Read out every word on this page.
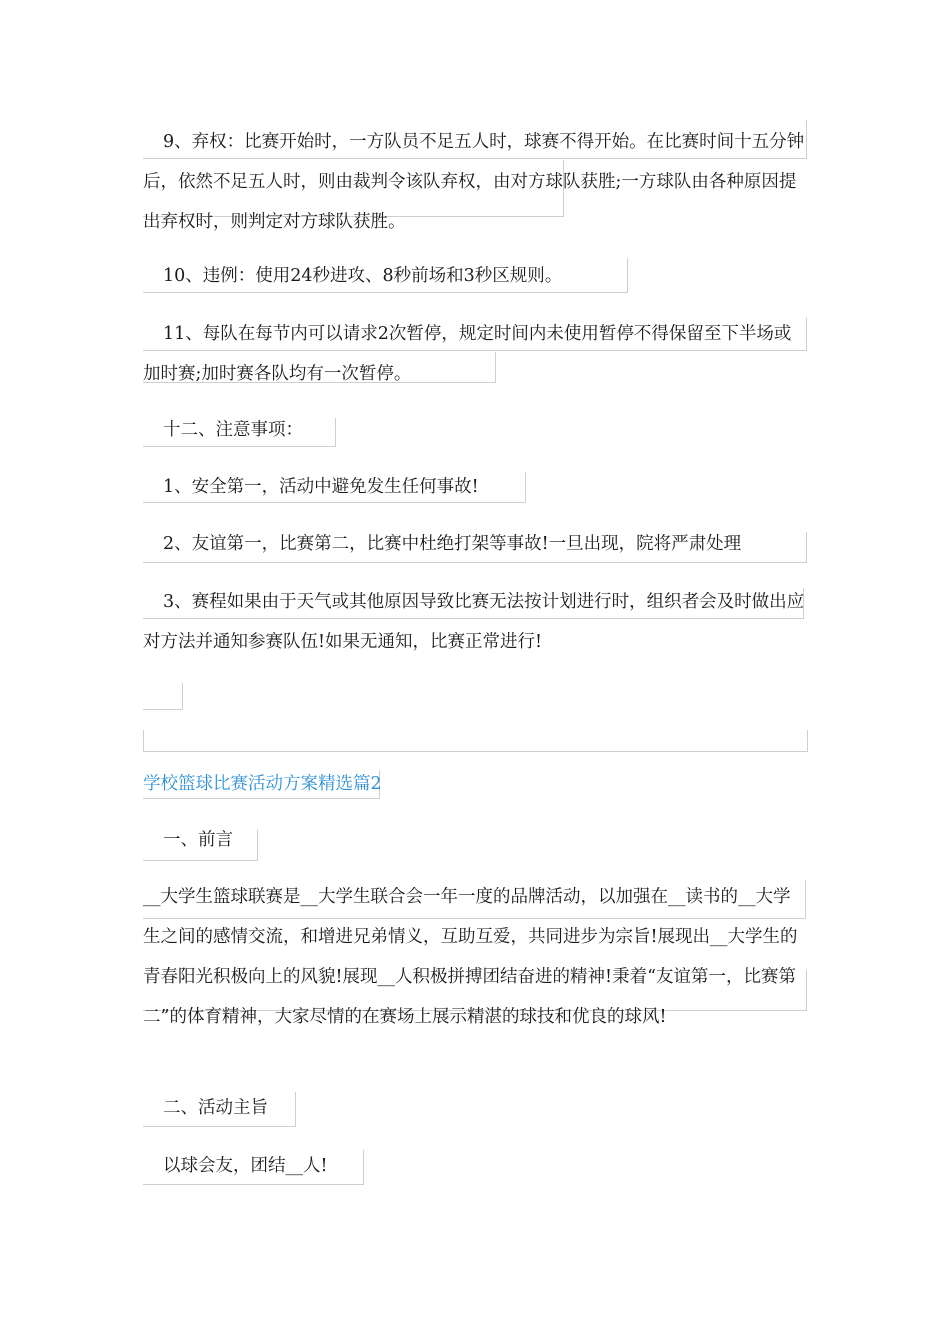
9、弃权：比赛开始时，一方队员不足五人时，球赛不得开始。在比赛时间十五分钟后，依然不足五人时，则由裁判令该队弃权，由对方球队获胜;一方球队由各种原因提出弃权时，则判定对方球队获胜。

10、违例：使用24秒进攻、8秒前场和3秒区规则。

11、每队在每节内可以请求2次暂停，规定时间内未使用暂停不得保留至下半场或加时赛;加时赛各队均有一次暂停。

十二、注意事项：

1、安全第一，活动中避免发生任何事故!

2、友谊第一，比赛第二，比赛中杜绝打架等事故!一旦出现，院将严肃处理

3、赛程如果由于天气或其他原因导致比赛无法按计划进行时，组织者会及时做出应对方法并通知参赛队伍!如果无通知，比赛正常进行!

学校篮球比赛活动方案精选篇2

一、前言

__大学生篮球联赛是__大学生联合会一年一度的品牌活动，以加强在__读书的__大学生之间的感情交流，和增进兄弟情义，互助互爱，共同进步为宗旨!展现出__大学生的青春阳光积极向上的风貌!展现__人积极拼搏团结奋进的精神!秉着“友谊第一，比赛第二”的体育精神，大家尽情的在赛场上展示精湛的球技和优良的球风!

二、活动主旨

以球会友，团结__人!
